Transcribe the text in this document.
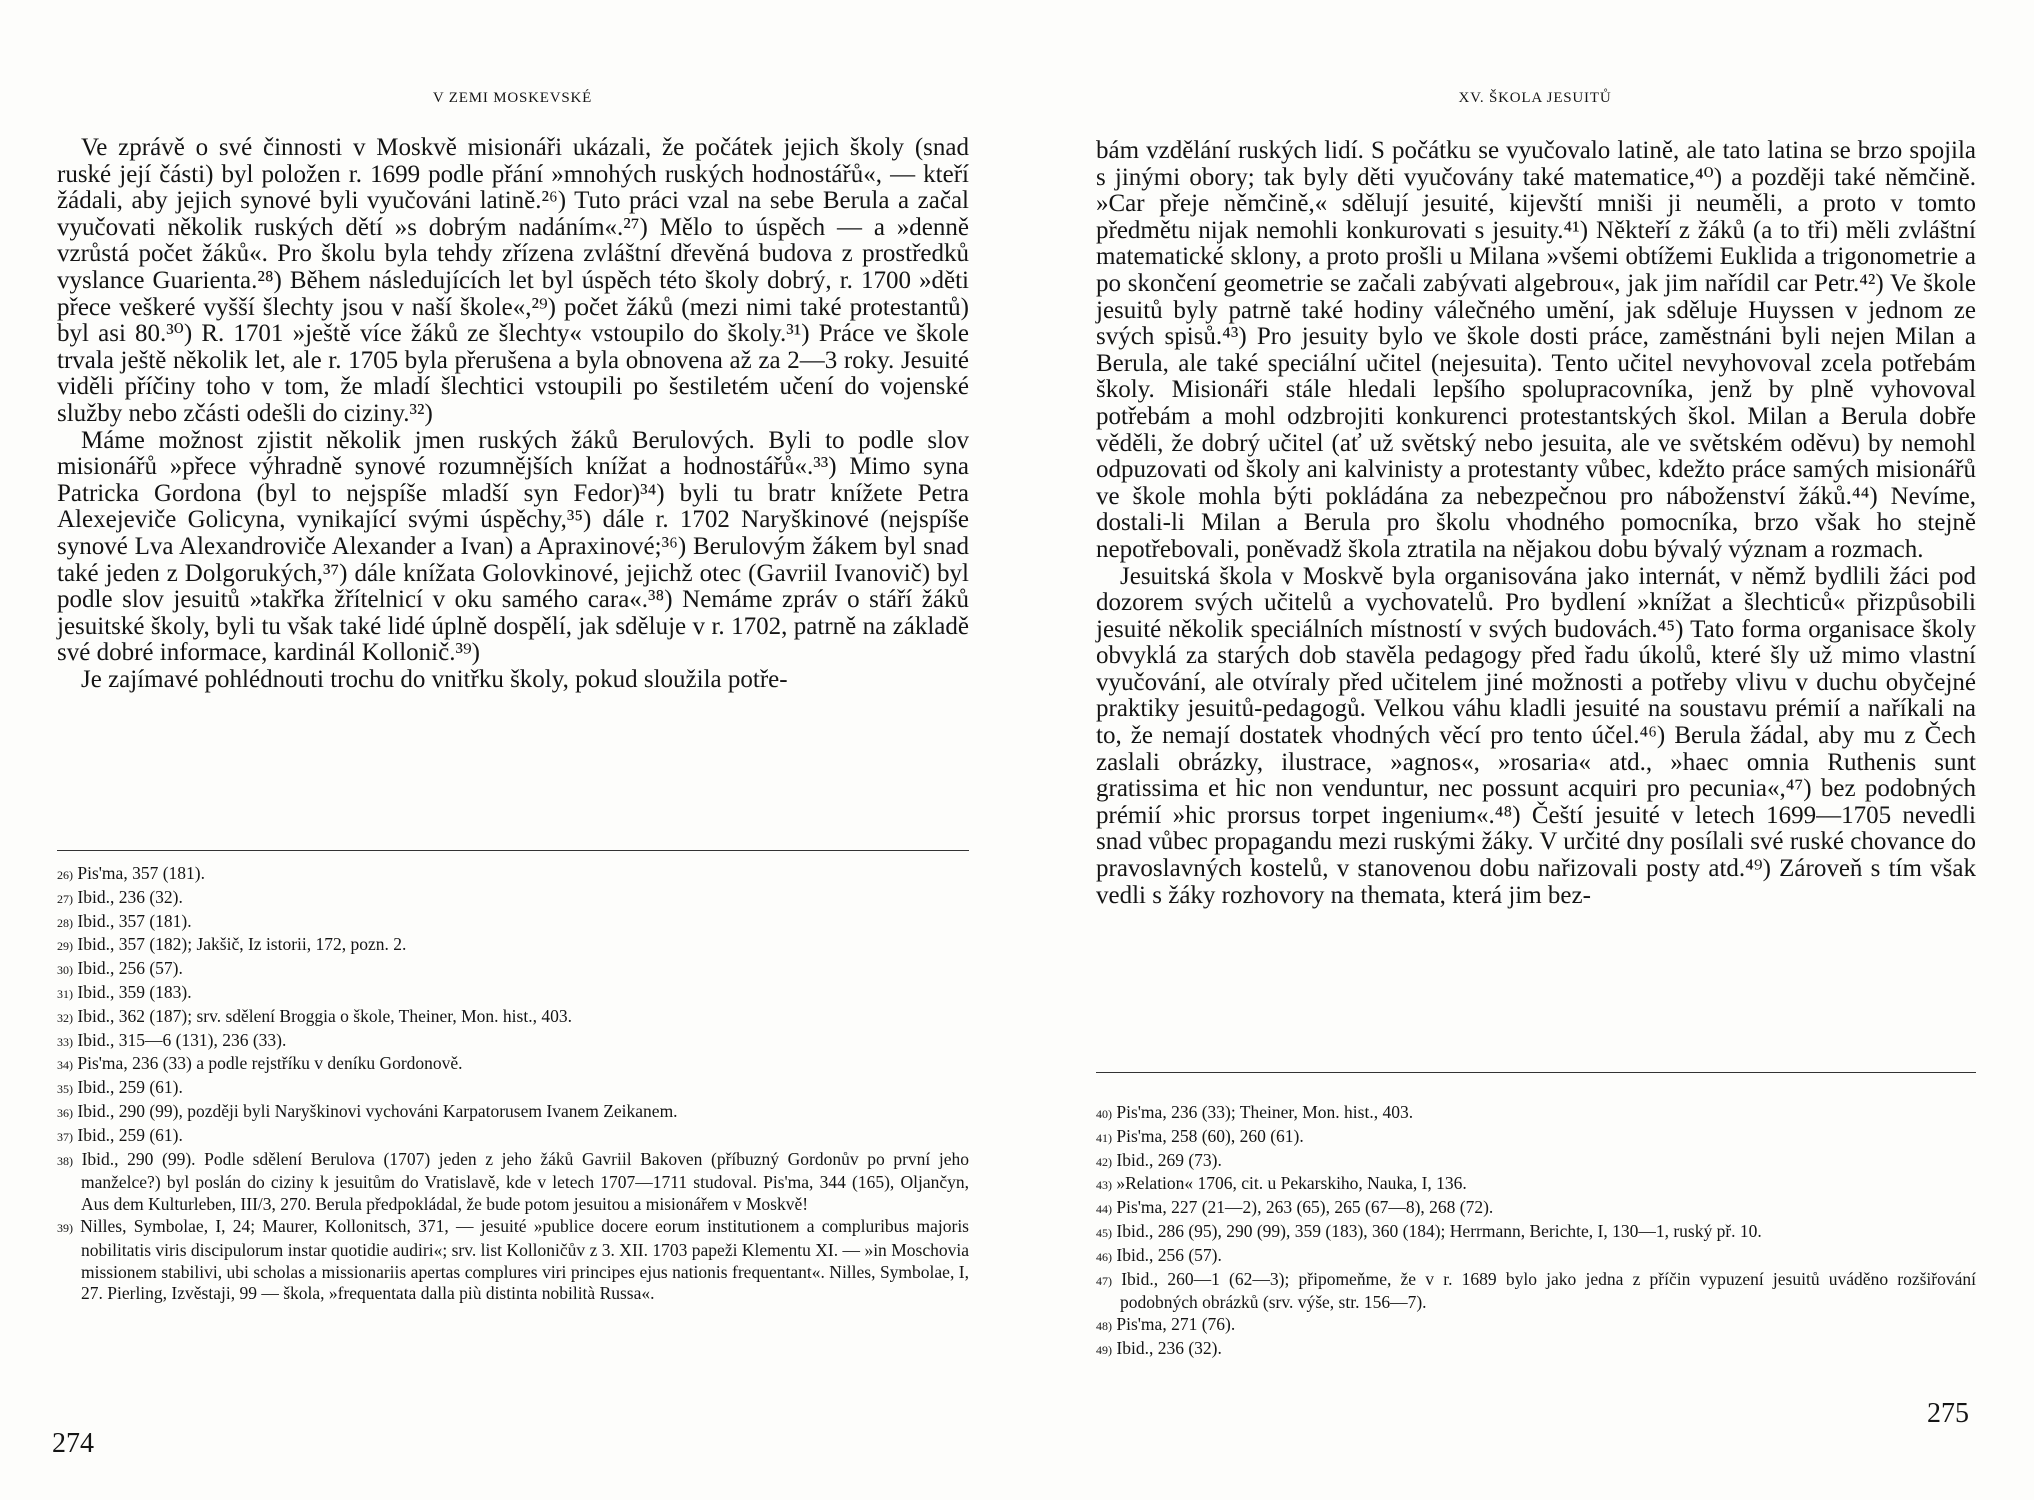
V ZEMI MOSKEVSKÉ

Ve zprávě o své činnosti v Moskvě misionáři ukázali, že počátek jejich školy (snad ruské její části) byl položen r. 1699 podle přání »mnohých ruských hodnostářů«, — kteří žádali, aby jejich synové byli vyučováni latině.²⁶) Tuto práci vzal na sebe Berula a začal vyučovati několik ruských dětí »s dobrým nadáním«.²⁷) Mělo to úspěch — a »denně vzrůstá počet žáků«. Pro školu byla tehdy zřízena zvláštní dřevěná budova z prostředků vyslance Guarienta.²⁸) Během následujících let byl úspěch této školy dobrý, r. 1700 »děti přece veškeré vyšší šlechty jsou v naší škole«,²⁹) počet žáků (mezi nimi také protestantů) byl asi 80.³⁰) R. 1701 »ještě více žáků ze šlechty« vstoupilo do školy.³¹) Práce ve škole trvala ještě několik let, ale r. 1705 byla přerušena a byla obnovena až za 2—3 roky. Jesuité viděli příčiny toho v tom, že mladí šlechtici vstoupili po šestiletém učení do vojenské služby nebo zčásti odešli do ciziny.³²)

Máme možnost zjistit několik jmen ruských žáků Berulových. Byli to podle slov misionářů »přece výhradně synové rozumnějších knížat a hodnostářů«.³³) Mimo syna Patricka Gordona (byl to nejspíše mladší syn Fedor)³⁴) byli tu bratr knížete Petra Alexejeviče Golicyna, vynikající svými úspěchy,³⁵) dále r. 1702 Naryškinové (nejspíše synové Lva Alexandroviče Alexander a Ivan) a Apraxinové;³⁶) Berulovým žákem byl snad také jeden z Dolgorukých,³⁷) dále knížata Golovkinové, jejichž otec (Gavriil Ivanovič) byl podle slov jesuitů »takřka žřítelnicí v oku samého cara«.³⁸) Nemáme zpráv o stáří žáků jesuitské školy, byli tu však také lidé úplně dospělí, jak sděluje v r. 1702, patrně na základě své dobré informace, kardinál Kollonič.³⁹)

Je zajímavé pohlédnouti trochu do vnitřku školy, pokud sloužila potře-

26) Pis'ma, 357 (181).

27) Ibid., 236 (32).

28) Ibid., 357 (181).

29) Ibid., 357 (182); Jakšič, Iz istorii, 172, pozn. 2.

30) Ibid., 256 (57).

31) Ibid., 359 (183).

32) Ibid., 362 (187); srv. sdělení Broggia o škole, Theiner, Mon. hist., 403.

33) Ibid., 315—6 (131), 236 (33).

34) Pis'ma, 236 (33) a podle rejstříku v deníku Gordonově.

35) Ibid., 259 (61).

36) Ibid., 290 (99), později byli Naryškinovi vychováni Karpatorusem Ivanem Zeikanem.

37) Ibid., 259 (61).

38) Ibid., 290 (99). Podle sdělení Berulova (1707) jeden z jeho žáků Gavriil Bakoven (příbuzný Gordonův po první jeho manželce?) byl poslán do ciziny k jesuitům do Vratislavě, kde v letech 1707—1711 studoval. Pis'ma, 344 (165), Oljančyn, Aus dem Kulturleben, III/3, 270. Berula předpokládal, že bude potom jesuitou a misionářem v Moskvě!

39) Nilles, Symbolae, I, 24; Maurer, Kollonitsch, 371, — jesuité »publice docere eorum institutionem a compluribus majoris nobilitatis viris discipulorum instar quotidie audiri«; srv. list Kolloničův z 3. XII. 1703 papeži Klementu XI. — »in Moschovia missionem stabilivi, ubi scholas a missionariis apertas complures viri principes ejus nationis frequentant«. Nilles, Symbolae, I, 27. Pierling, Izvěstaji, 99 — škola, »frequentata dalla più distinta nobilità Russa«.

274
XV. ŠKOLA JESUITŮ

bám vzdělání ruských lidí. S počátku se vyučovalo latině, ale tato latina se brzo spojila s jinými obory; tak byly děti vyučovány také matematice,⁴⁰) a později také němčině. »Car přeje němčině,« sdělují jesuité, kijevští mniši ji neuměli, a proto v tomto předmětu nijak nemohli konkurovati s jesuity.⁴¹) Někteří z žáků (a to tři) měli zvláštní matematické sklony, a proto prošli u Milana »všemi obtížemi Euklida a trigonometrie a po skončení geometrie se začali zabývati algebrou«, jak jim nařídil car Petr.⁴²) Ve škole jesuitů byly patrně také hodiny válečného umění, jak sděluje Huyssen v jednom ze svých spisů.⁴³) Pro jesuity bylo ve škole dosti práce, zaměstnáni byli nejen Milan a Berula, ale také speciální učitel (nejesuita). Tento učitel nevyhovoval zcela potřebám školy. Misionáři stále hledali lepšího spolupracovníka, jenž by plně vyhovoval potřebám a mohl odzbrojiti konkurenci protestantských škol. Milan a Berula dobře věděli, že dobrý učitel (ať už světský nebo jesuita, ale ve světském oděvu) by nemohl odpuzovati od školy ani kalvinisty a protestanty vůbec, kdežto práce samých misionářů ve škole mohla býti pokládána za nebezpečnou pro náboženství žáků.⁴⁴) Nevíme, dostali-li Milan a Berula pro školu vhodného pomocníka, brzo však ho stejně nepotřebovali, poněvadž škola ztratila na nějakou dobu bývalý význam a rozmach.

Jesuitská škola v Moskvě byla organisována jako internát, v němž bydlili žáci pod dozorem svých učitelů a vychovatelů. Pro bydlení »knížat a šlechticů« přizpůsobili jesuité několik speciálních místností v svých budovách.⁴⁵) Tato forma organisace školy obvyklá za starých dob stavěla pedagogy před řadu úkolů, které šly už mimo vlastní vyučování, ale otvíraly před učitelem jiné možnosti a potřeby vlivu v duchu obyčejné praktiky jesuitů-pedagogů. Velkou váhu kladli jesuité na soustavu prémií a naříkali na to, že nemají dostatek vhodných věcí pro tento účel.⁴⁶) Berula žádal, aby mu z Čech zaslali obrázky, ilustrace, »agnos«, »rosaria« atd., »haec omnia Ruthenis sunt gratissima et hic non venduntur, nec possunt acquiri pro pecunia«,⁴⁷) bez podobných prémií »hic prorsus torpet ingenium«.⁴⁸) Čeští jesuité v letech 1699—1705 nevedli snad vůbec propagandu mezi ruskými žáky. V určité dny posílali své ruské chovance do pravoslavných kostelů, v stanovenou dobu nařizovali posty atd.⁴⁹) Zároveň s tím však vedli s žáky rozhovory na themata, která jim bez-

40) Pis'ma, 236 (33); Theiner, Mon. hist., 403.

41) Pis'ma, 258 (60), 260 (61).

42) Ibid., 269 (73).

43) »Relation« 1706, cit. u Pekarskiho, Nauka, I, 136.

44) Pis'ma, 227 (21—2), 263 (65), 265 (67—8), 268 (72).

45) Ibid., 286 (95), 290 (99), 359 (183), 360 (184); Herrmann, Berichte, I, 130—1, ruský př. 10.

46) Ibid., 256 (57).

47) Ibid., 260—1 (62—3); připomeňme, že v r. 1689 bylo jako jedna z příčin vypuzení jesuitů uváděno rozšiřování podobných obrázků (srv. výše, str. 156—7).

48) Pis'ma, 271 (76).

49) Ibid., 236 (32).

275
